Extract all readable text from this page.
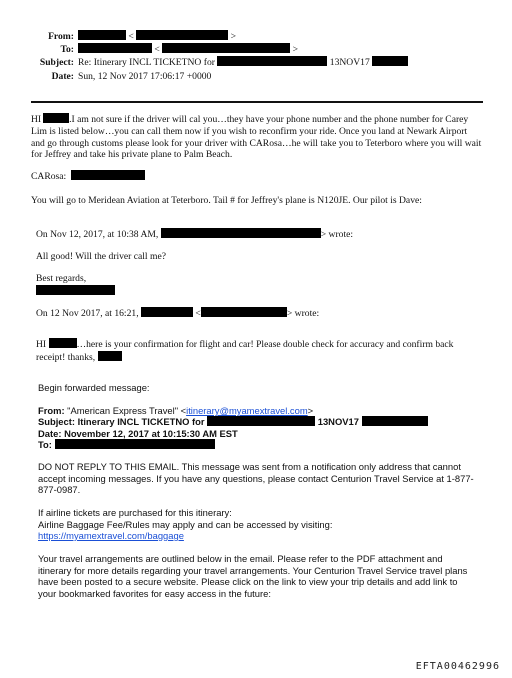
From:	<	>
To:	<	>
Subject: Re: Itinerary INCL TICKETNO for	13NOV17
Date: Sun, 12 Nov 2017 17:06:17 +0000
HI	.I am not sure if the driver will cal you…they have your phone number and the phone number for Carey Lim is listed below…you can call them now if you wish to reconfirm your ride. Once you land at Newark Airport and go through customs please look for your driver with CARosa…he will take you to Teterboro where you will wait for Jeffrey and take his private plane to Palm Beach.
CARosa:
You will go to Meridean Aviation at Teterboro. Tail # for Jeffrey's plane is N120JE. Our pilot is Dave:
On Nov 12, 2017, at 10:38 AM,	> wrote:
All good! Will the driver call me?
Best regards,
On 12 Nov 2017, at 16:21,	<	> wrote:
HI	…here is your confirmation for flight and car! Please double check for accuracy and confirm back receipt! thanks,
Begin forwarded message:
From: "American Express Travel" <itinerary@myamextravel.com>
Subject: Itinerary INCL TICKETNO for	13NOV17
Date: November 12, 2017 at 10:15:30 AM EST
To:
DO NOT REPLY TO THIS EMAIL. This message was sent from a notification only address that cannot accept incoming messages. If you have any questions, please contact Centurion Travel Service at 1-877-877-0987.
If airline tickets are purchased for this itinerary:
Airline Baggage Fee/Rules may apply and can be accessed by visiting:
https://myamextravel.com/baggage
Your travel arrangements are outlined below in the email. Please refer to the PDF attachment and itinerary for more details regarding your travel arrangements. Your Centurion Travel Service travel plans have been posted to a secure website. Please click on the link to view your trip details and add link to your bookmarked favorites for easy access in the future:
EFTA00462996
